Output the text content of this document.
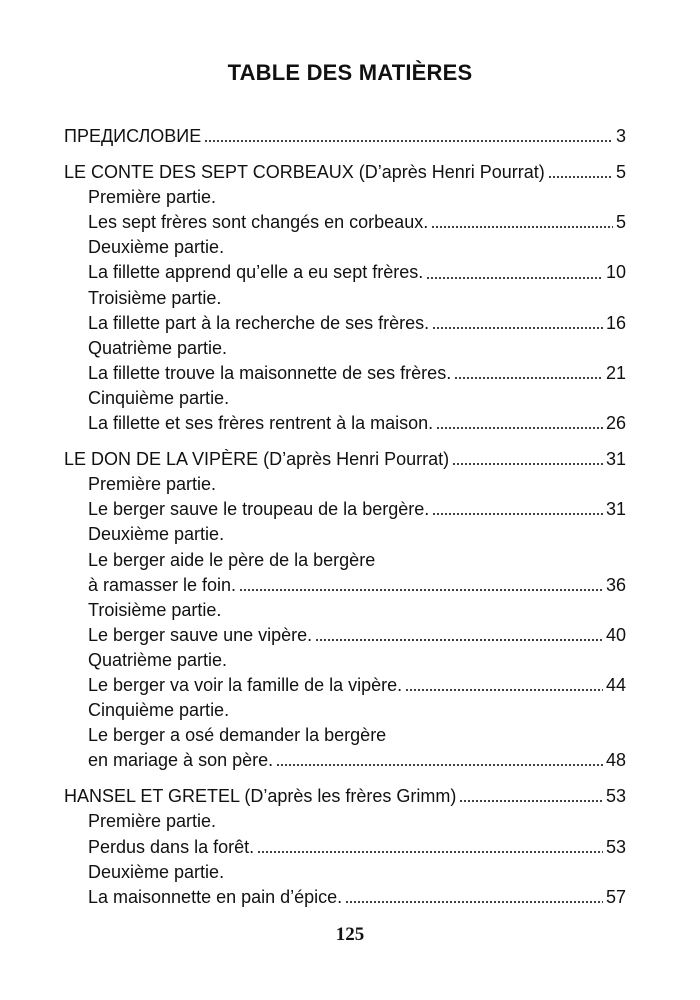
TABLE DES MATIÈRES
ПРЕДИСЛОВИЕ	3
LE CONTE DES SEPT CORBEAUX (D’après Henri Pourrat)	5
Première partie.
Les sept frères sont changés en corbeaux.	5
Deuxième partie.
La fillette apprend qu’elle a eu sept frères.	10
Troisième partie.
La fillette part à la recherche de ses frères.	16
Quatrième partie.
La fillette trouve la maisonnette de ses frères.	21
Cinquième partie.
La fillette et ses frères rentrent à la maison.	26
LE DON DE LA VIPÈRE (D’après Henri Pourrat)	31
Première partie.
Le berger sauve le troupeau de la bergère.	31
Deuxième partie.
Le berger aide le père de la bergère
à ramasser le foin.	36
Troisième partie.
Le berger sauve une vipère.	40
Quatrième partie.
Le berger va voir la famille de la vipère.	44
Cinquième partie.
Le berger a osé demander la bergère
en mariage à son père.	48
HANSEL ET GRETEL (D’après les frères Grimm)	53
Première partie.
Perdus dans la forêt.	53
Deuxième partie.
La maisonnette en pain d’épice.	57
125
